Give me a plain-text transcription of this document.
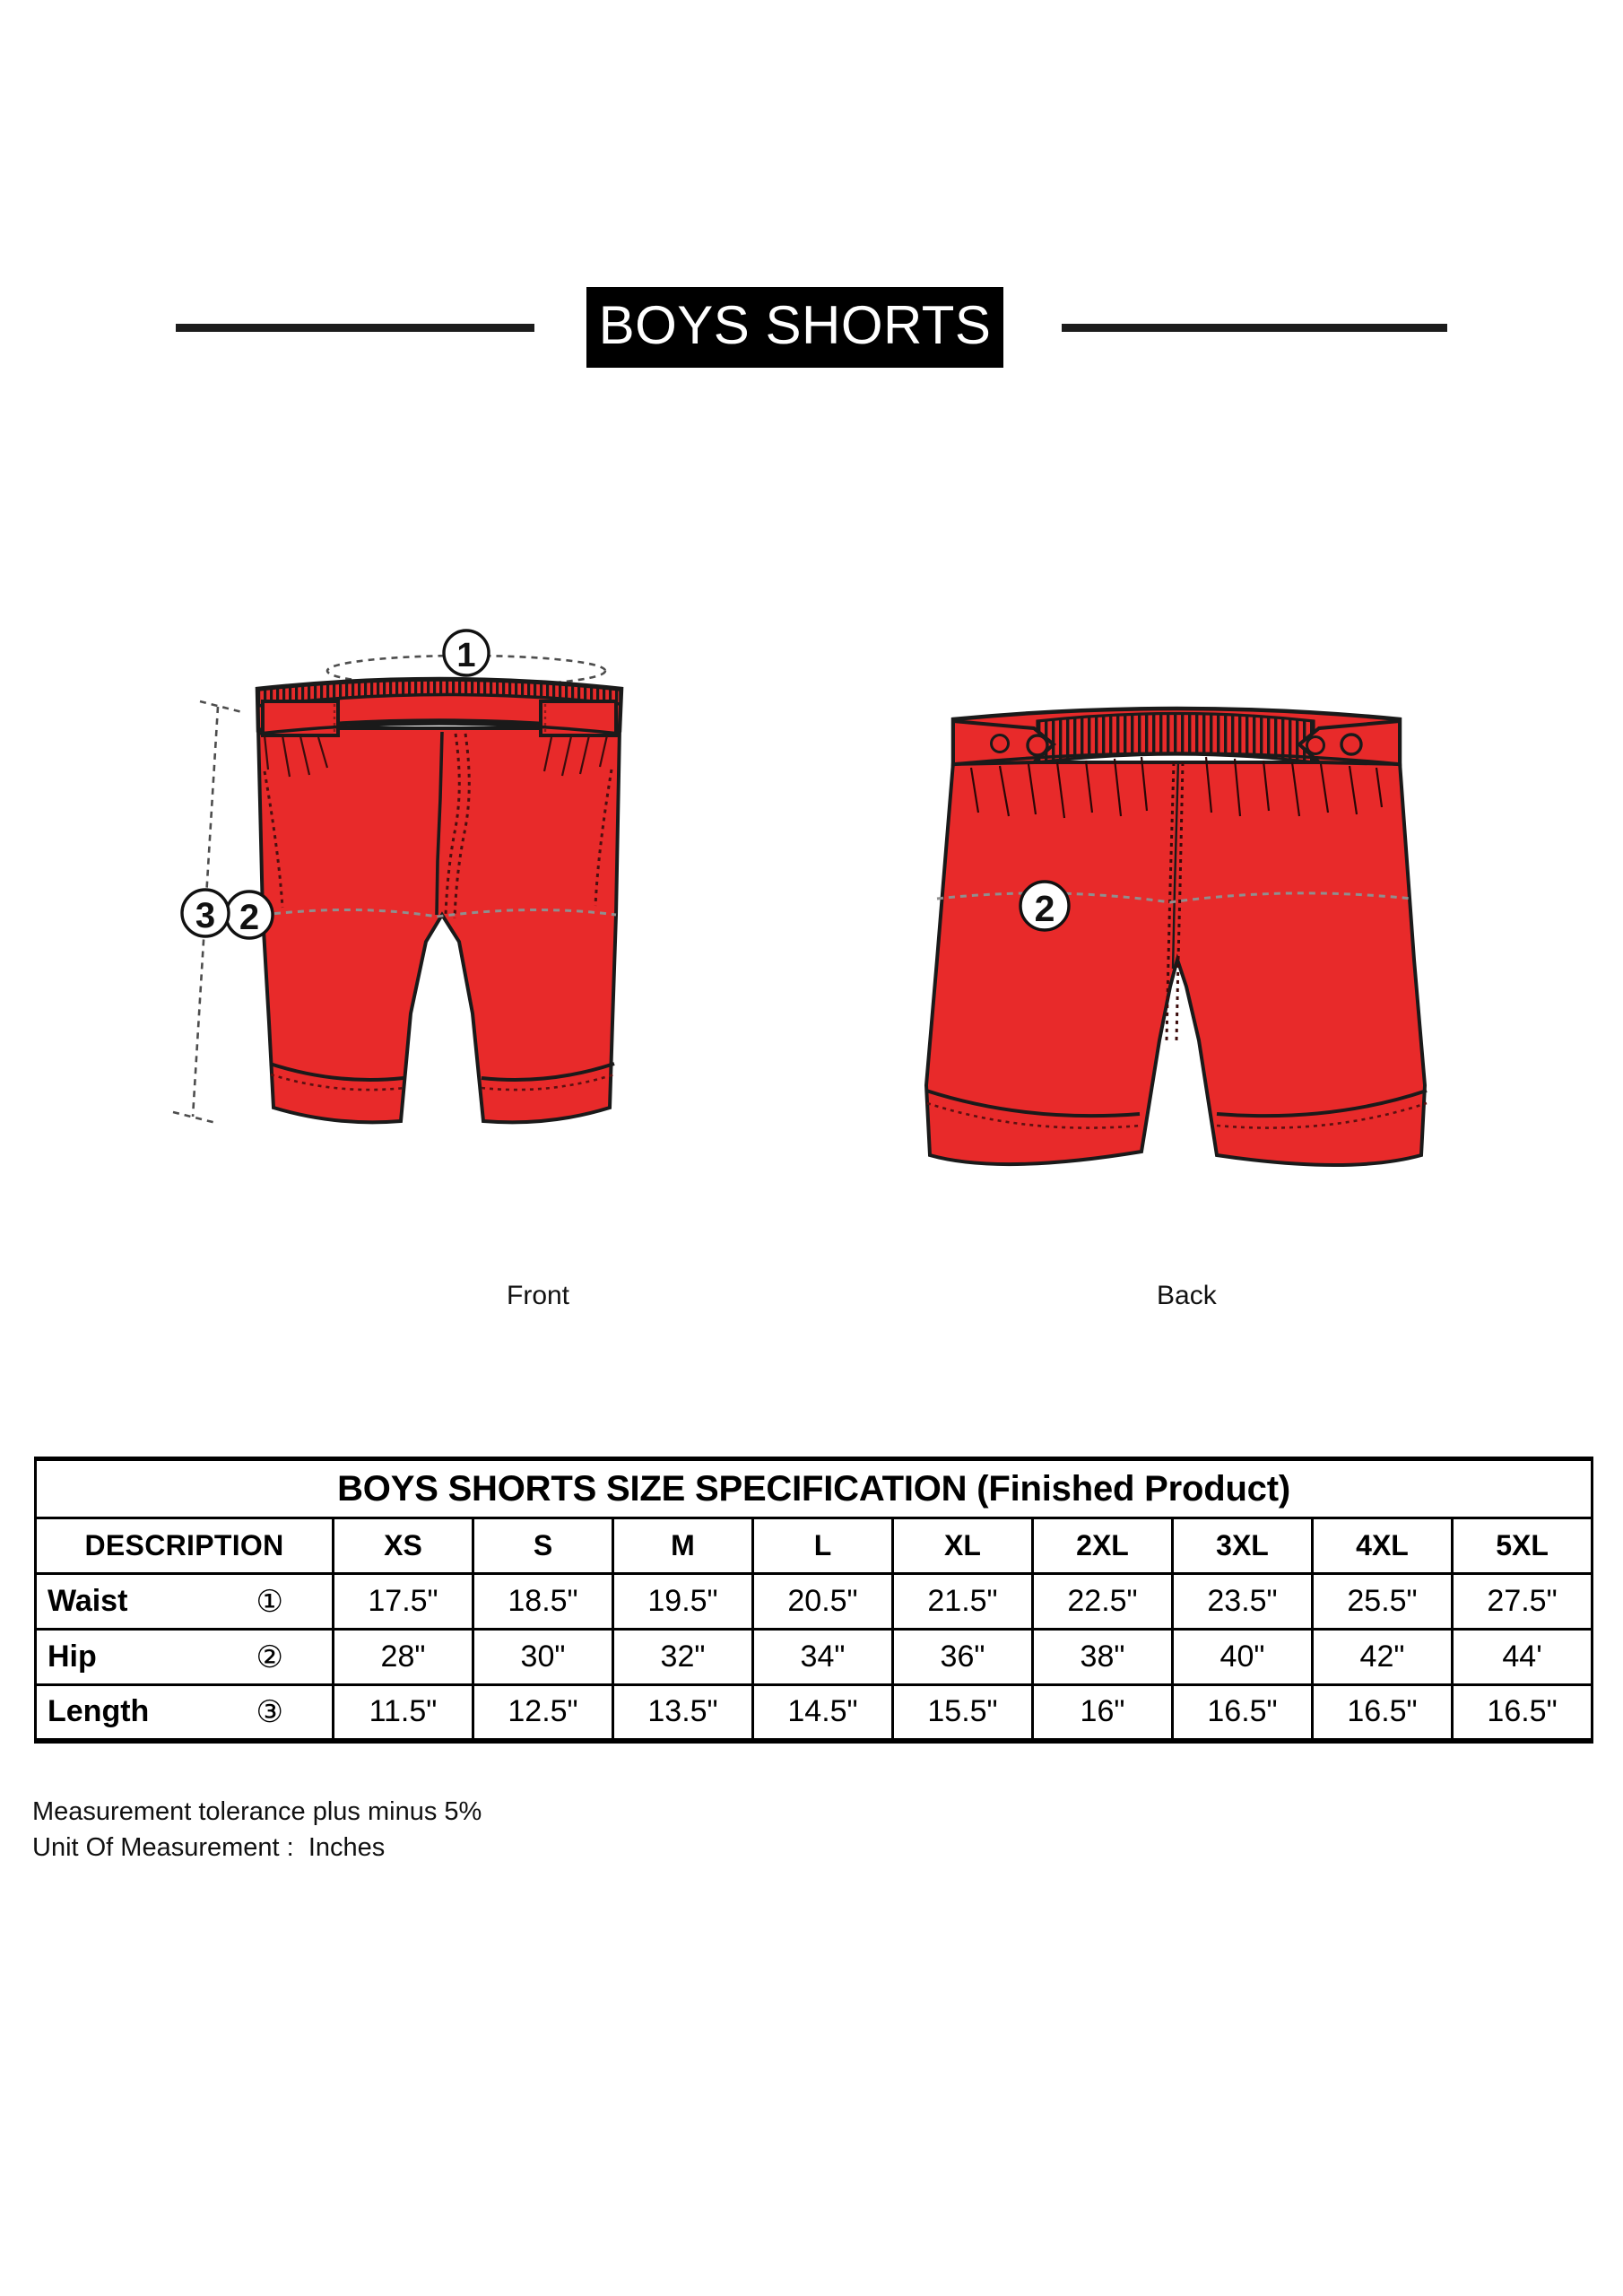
BOYS SHORTS
1
2
3	2
Front	Back
BOYS SHORTS SIZE SPECIFICATION (Finished Product)									
DESCRIPTION	XS	S	M	L	XL	2XL	3XL	4XL	5XL

Waist ①	17.5"	18.5"	19.5"	20.5"	21.5"	22.5"	23.5"	25.5"	27.5"

Hip ②	28"	30"	32"	34"	36"	38"	40"	42"	44'

Length ③	11.5"	12.5"	13.5"	14.5"	15.5"	16"	16.5"	16.5"	16.5"
Measurement tolerance plus minus 5%
Unit Of Measurement :  Inches
